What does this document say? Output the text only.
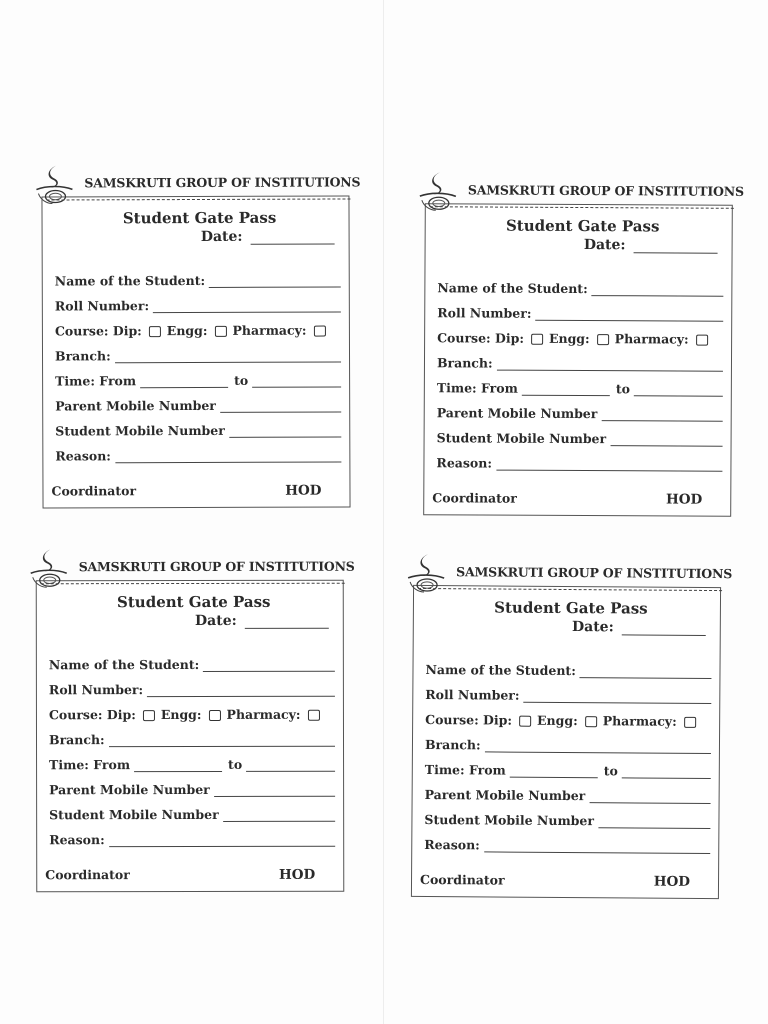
SAMSKRUTI GROUP OF INSTITUTIONS
Student Gate Pass
Date:
Name of the Student:
Roll Number:
Course: Dip: Engg: Pharmacy:
Branch:
Time: From	to
Parent Mobile Number
Student Mobile Number
Reason:
Coordinator	HOD
SAMSKRUTI GROUP OF INSTITUTIONS
Student Gate Pass
Date:
Name of the Student:
Roll Number:
Course: Dip: Engg: Pharmacy:
Branch:
Time: From	to
Parent Mobile Number
Student Mobile Number
Reason:
Coordinator	HOD
SAMSKRUTI GROUP OF INSTITUTIONS
Student Gate Pass
Date:
Name of the Student:
Roll Number:
Course: Dip: Engg: Pharmacy:
Branch:
Time: From	to
Parent Mobile Number
Student Mobile Number
Reason:
Coordinator	HOD
SAMSKRUTI GROUP OF INSTITUTIONS
Student Gate Pass
Date:
Name of the Student:
Roll Number:
Course: Dip: Engg: Pharmacy:
Branch:
Time: From	to
Parent Mobile Number
Student Mobile Number
Reason:
Coordinator	HOD
